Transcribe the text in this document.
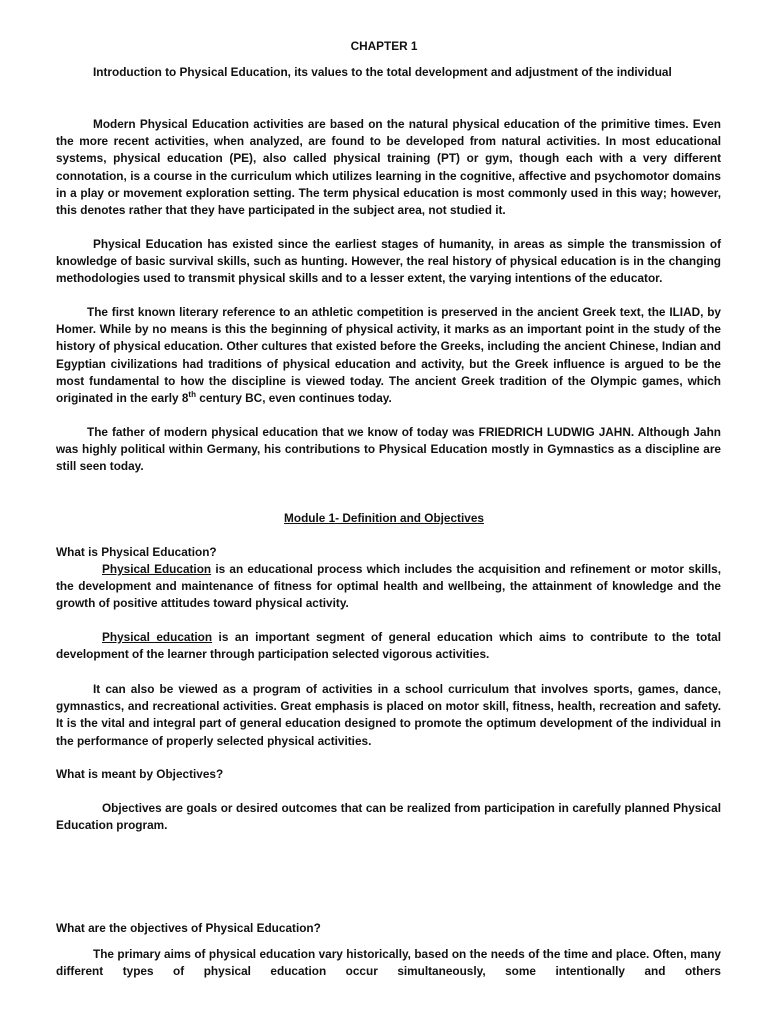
CHAPTER 1
Introduction to Physical Education, its values to the total development and adjustment of the individual
Modern Physical Education activities are based on the natural physical education of the primitive times. Even the more recent activities, when analyzed, are found to be developed from natural activities. In most educational systems, physical education (PE), also called physical training (PT) or gym, though each with a very different connotation, is a course in the curriculum which utilizes learning in the cognitive, affective and psychomotor domains in a play or movement exploration setting. The term physical education is most commonly used in this way; however, this denotes rather that they have participated in the subject area, not studied it.
Physical Education has existed since the earliest stages of humanity, in areas as simple the transmission of knowledge of basic survival skills, such as hunting. However, the real history of physical education is in the changing methodologies used to transmit physical skills and to a lesser extent, the varying intentions of the educator.
The first known literary reference to an athletic competition is preserved in the ancient Greek text, the ILIAD, by Homer. While by no means is this the beginning of physical activity, it marks as an important point in the study of the history of physical education. Other cultures that existed before the Greeks, including the ancient Chinese, Indian and Egyptian civilizations had traditions of physical education and activity, but the Greek influence is argued to be the most fundamental to how the discipline is viewed today. The ancient Greek tradition of the Olympic games, which originated in the early 8th century BC, even continues today.
The father of modern physical education that we know of today was FRIEDRICH LUDWIG JAHN. Although Jahn was highly political within Germany, his contributions to Physical Education mostly in Gymnastics as a discipline are still seen today.
Module 1- Definition and Objectives
What is Physical Education?
Physical Education is an educational process which includes the acquisition and refinement or motor skills, the development and maintenance of fitness for optimal health and wellbeing, the attainment of knowledge and the growth of positive attitudes toward physical activity.
Physical education is an important segment of general education which aims to contribute to the total development of the learner through participation selected vigorous activities.
It can also be viewed as a program of activities in a school curriculum that involves sports, games, dance, gymnastics, and recreational activities. Great emphasis is placed on motor skill, fitness, health, recreation and safety. It is the vital and integral part of general education designed to promote the optimum development of the individual in the performance of properly selected physical activities.
What is meant by Objectives?
Objectives are goals or desired outcomes that can be realized from participation in carefully planned Physical Education program.
What are the objectives of Physical Education?
The primary aims of physical education vary historically, based on the needs of the time and place. Often, many different types of physical education occur simultaneously, some intentionally and others
